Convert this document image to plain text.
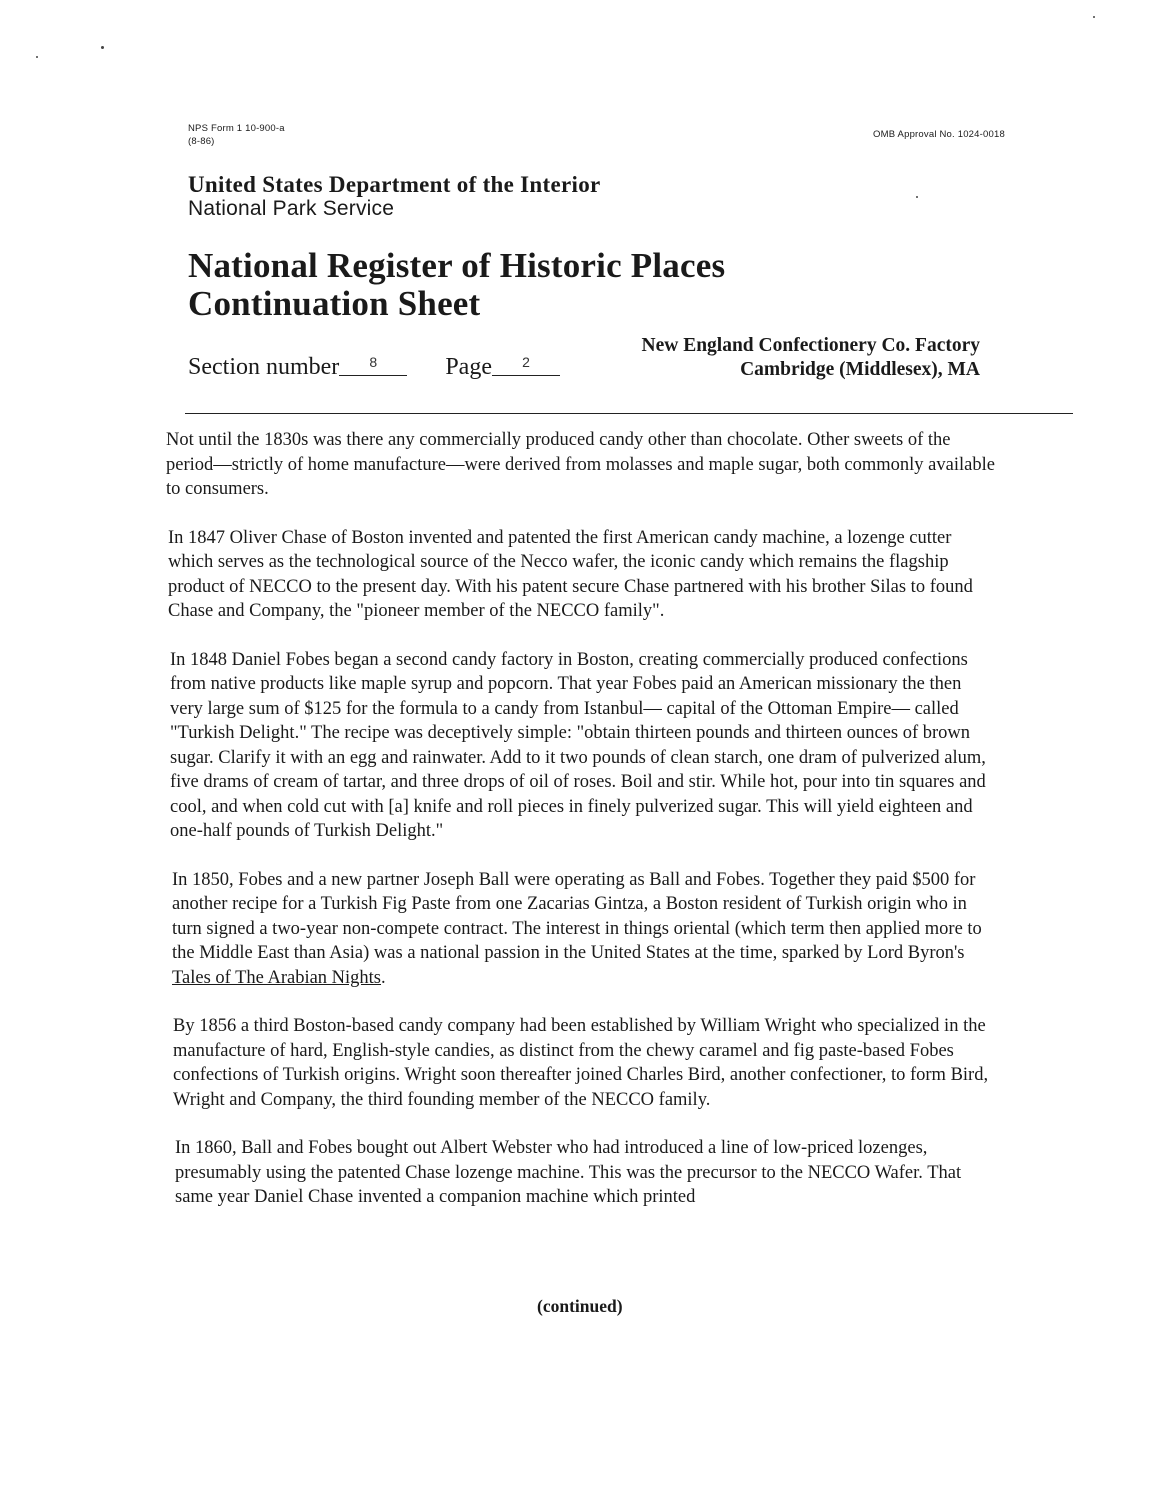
NPS Form 1 10-900-a
(8-86)
OMB Approval No. 1024-0018
United States Department of the Interior
National Park Service
National Register of Historic Places
Continuation Sheet
Section number 8	Page 2
New England Confectionery Co. Factory
Cambridge (Middlesex), MA

Not until the 1830s was there any commercially produced candy other than chocolate. Other sweets of the period—strictly of home manufacture—were derived from molasses and maple sugar, both commonly available to consumers.

In 1847 Oliver Chase of Boston invented and patented the first American candy machine, a lozenge cutter which serves as the technological source of the Necco wafer, the iconic candy which remains the flagship product of NECCO to the present day. With his patent secure Chase partnered with his brother Silas to found Chase and Company, the "pioneer member of the NECCO family".

In 1848 Daniel Fobes began a second candy factory in Boston, creating commercially produced confections from native products like maple syrup and popcorn. That year Fobes paid an American missionary the then very large sum of $125 for the formula to a candy from Istanbul— capital of the Ottoman Empire— called "Turkish Delight." The recipe was deceptively simple: "obtain thirteen pounds and thirteen ounces of brown sugar. Clarify it with an egg and rainwater. Add to it two pounds of clean starch, one dram of pulverized alum, five drams of cream of tartar, and three drops of oil of roses. Boil and stir. While hot, pour into tin squares and cool, and when cold cut with [a] knife and roll pieces in finely pulverized sugar. This will yield eighteen and one-half pounds of Turkish Delight."

In 1850, Fobes and a new partner Joseph Ball were operating as Ball and Fobes. Together they paid $500 for another recipe for a Turkish Fig Paste from one Zacarias Gintza, a Boston resident of Turkish origin who in turn signed a two-year non-compete contract. The interest in things oriental (which term then applied more to the Middle East than Asia) was a national passion in the United States at the time, sparked by Lord Byron's Tales of The Arabian Nights.

By 1856 a third Boston-based candy company had been established by William Wright who specialized in the manufacture of hard, English-style candies, as distinct from the chewy caramel and fig paste-based Fobes confections of Turkish origins. Wright soon thereafter joined Charles Bird, another confectioner, to form Bird, Wright and Company, the third founding member of the NECCO family.

In 1860, Ball and Fobes bought out Albert Webster who had introduced a line of low-priced lozenges, presumably using the patented Chase lozenge machine. This was the precursor to the NECCO Wafer. That same year Daniel Chase invented a companion machine which printed

(continued)
